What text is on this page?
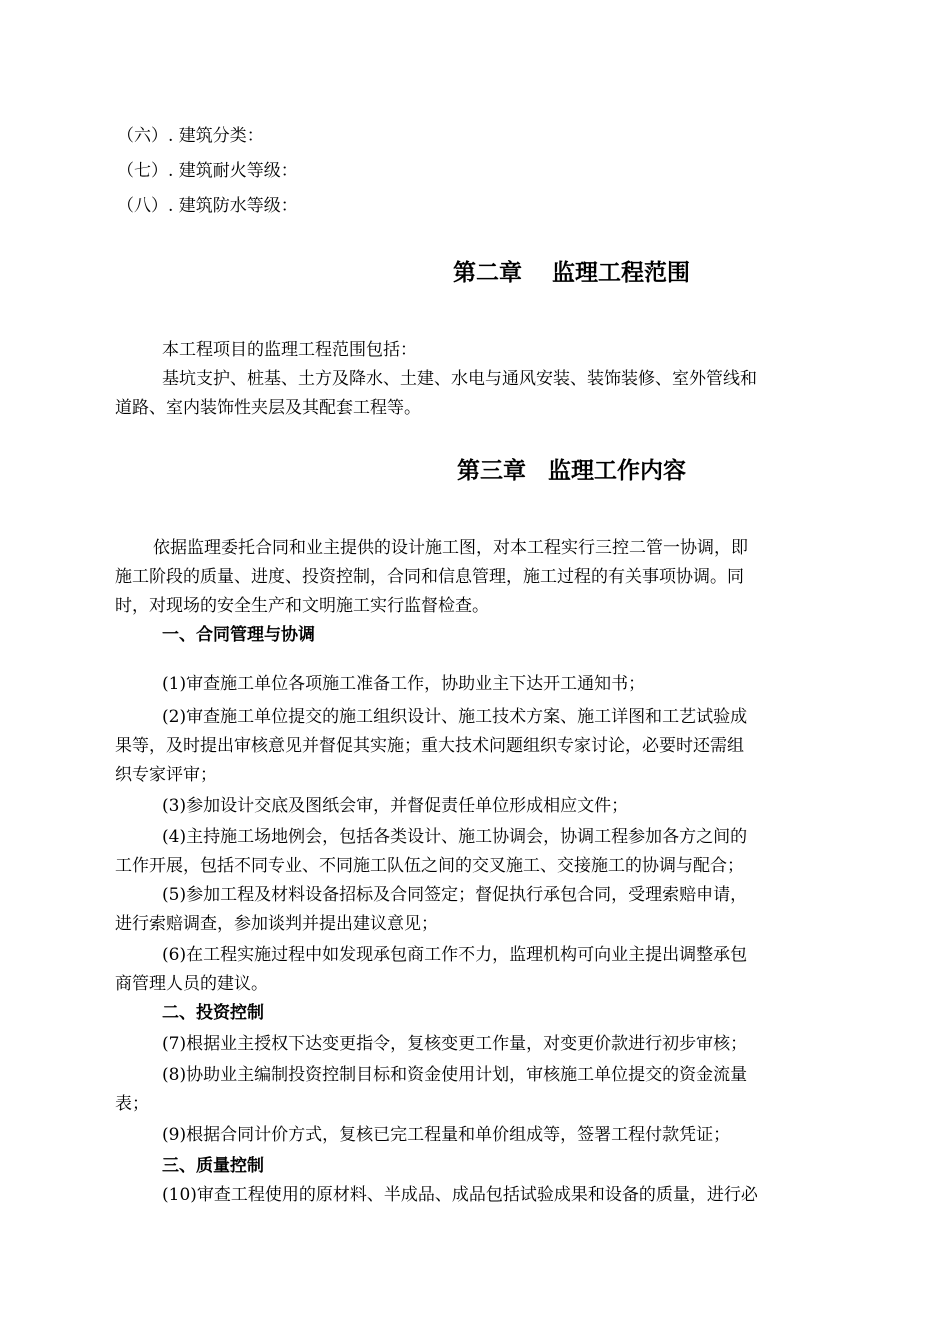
（六）. 建筑分类：
（七）. 建筑耐火等级：
（八）. 建筑防水等级：
第二章 监理工程范围
本工程项目的监理工程范围包括：
基坑支护、桩基、土方及降水、土建、水电与通风安装、装饰装修、室外管线和
道路、室内装饰性夹层及其配套工程等。
第三章 监理工作内容
依据监理委托合同和业主提供的设计施工图，对本工程实行三控二管一协调，即
施工阶段的质量、进度、投资控制，合同和信息管理，施工过程的有关事项协调。同
时，对现场的安全生产和文明施工实行监督检查。
一、合同管理与协调
(1)审查施工单位各项施工准备工作，协助业主下达开工通知书；
(2)审查施工单位提交的施工组织设计、施工技术方案、施工详图和工艺试验成
果等，及时提出审核意见并督促其实施；重大技术问题组织专家讨论，必要时还需组
织专家评审；
(3)参加设计交底及图纸会审，并督促责任单位形成相应文件；
(4)主持施工场地例会，包括各类设计、施工协调会，协调工程参加各方之间的
工作开展，包括不同专业、不同施工队伍之间的交叉施工、交接施工的协调与配合；
(5)参加工程及材料设备招标及合同签定；督促执行承包合同，受理索赔申请，
进行索赔调查，参加谈判并提出建议意见；
(6)在工程实施过程中如发现承包商工作不力，监理机构可向业主提出调整承包
商管理人员的建议。
二、投资控制
(7)根据业主授权下达变更指令，复核变更工作量，对变更价款进行初步审核；
(8)协助业主编制投资控制目标和资金使用计划，审核施工单位提交的资金流量
表；
(9)根据合同计价方式，复核已完工程量和单价组成等，签署工程付款凭证；
三、质量控制
(10)审查工程使用的原材料、半成品、成品包括试验成果和设备的质量，进行必
